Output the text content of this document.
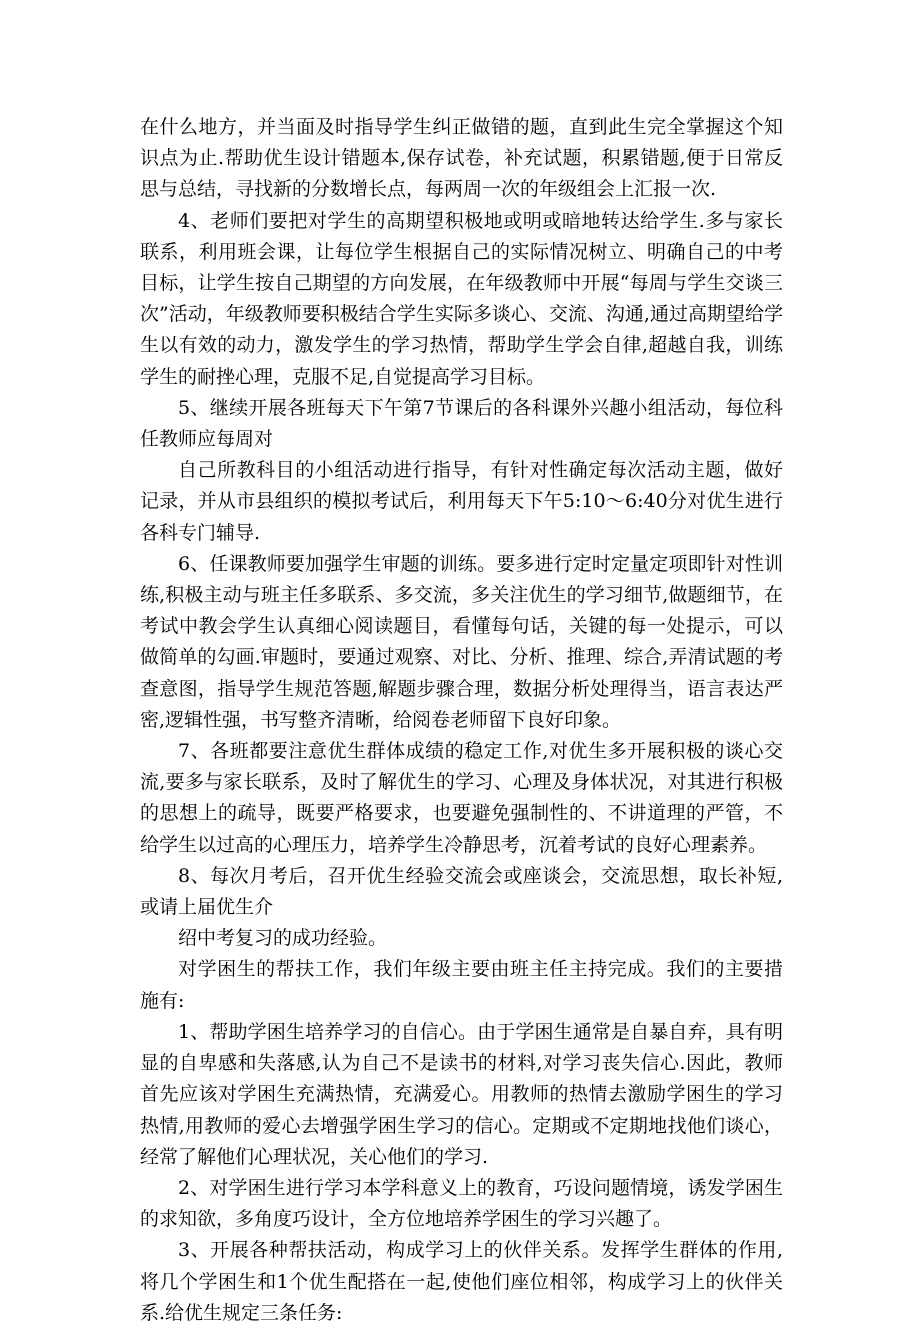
在什么地方，并当面及时指导学生纠正做错的题，直到此生完全掌握这个知识点为止.帮助优生设计错题本,保存试卷，补充试题，积累错题,便于日常反思与总结，寻找新的分数增长点，每两周一次的年级组会上汇报一次.

4、老师们要把对学生的高期望积极地或明或暗地转达给学生.多与家长联系，利用班会课，让每位学生根据自己的实际情况树立、明确自己的中考目标，让学生按自己期望的方向发展，在年级教师中开展“每周与学生交谈三次”活动，年级教师要积极结合学生实际多谈心、交流、沟通,通过高期望给学生以有效的动力，激发学生的学习热情，帮助学生学会自律,超越自我，训练学生的耐挫心理，克服不足,自觉提高学习目标。

5、继续开展各班每天下午第7节课后的各科课外兴趣小组活动，每位科任教师应每周对

自己所教科目的小组活动进行指导，有针对性确定每次活动主题，做好记录，并从市县组织的模拟考试后，利用每天下午5:10～6:40分对优生进行各科专门辅导.

6、任课教师要加强学生审题的训练。要多进行定时定量定项即针对性训练,积极主动与班主任多联系、多交流，多关注优生的学习细节,做题细节，在考试中教会学生认真细心阅读题目，看懂每句话，关键的每一处提示，可以做简单的勾画.审题时，要通过观察、对比、分析、推理、综合,弄清试题的考查意图，指导学生规范答题,解题步骤合理，数据分析处理得当，语言表达严密,逻辑性强，书写整齐清晰，给阅卷老师留下良好印象。

7、各班都要注意优生群体成绩的稳定工作,对优生多开展积极的谈心交流,要多与家长联系，及时了解优生的学习、心理及身体状况，对其进行积极的思想上的疏导，既要严格要求，也要避免强制性的、不讲道理的严管，不给学生以过高的心理压力，培养学生冷静思考，沉着考试的良好心理素养。

8、每次月考后，召开优生经验交流会或座谈会，交流思想，取长补短,或请上届优生介

绍中考复习的成功经验。

对学困生的帮扶工作，我们年级主要由班主任主持完成。我们的主要措施有:

1、帮助学困生培养学习的自信心。由于学困生通常是自暴自弃，具有明显的自卑感和失落感,认为自己不是读书的材料,对学习丧失信心.因此，教师首先应该对学困生充满热情，充满爱心。用教师的热情去激励学困生的学习热情,用教师的爱心去增强学困生学习的信心。定期或不定期地找他们谈心，经常了解他们心理状况，关心他们的学习.

2、对学困生进行学习本学科意义上的教育，巧设问题情境，诱发学困生的求知欲，多角度巧设计，全方位地培养学困生的学习兴趣了。

3、开展各种帮扶活动，构成学习上的伙伴关系。发挥学生群体的作用,将几个学困生和1个优生配搭在一起,使他们座位相邻，构成学习上的伙伴关系.给优生规定三条任务:
